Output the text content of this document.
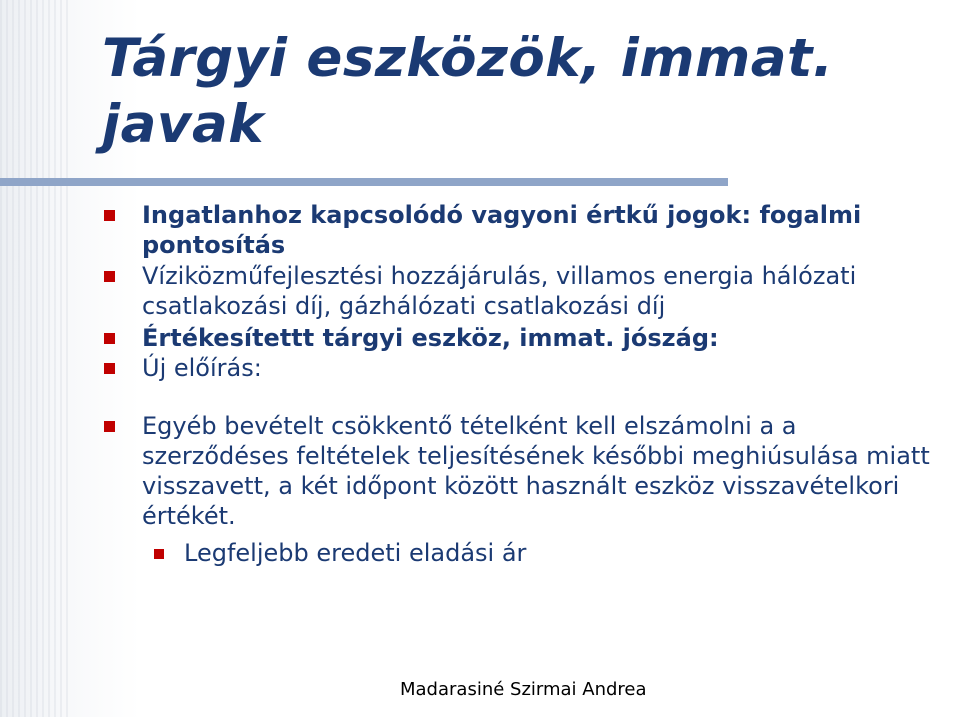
Tárgyi eszközök, immat. javak
Ingatlanhoz kapcsolódó vagyoni értkű jogok: fogalmi pontosítás
Víziközműfejlesztési hozzájárulás, villamos energia hálózati csatlakozási díj, gázhálózati csatlakozási díj
Értékesítettt tárgyi eszköz, immat. jószág:
Új előírás:
Egyéb bevételt csökkentő tételként kell elszámolni a a szerződéses feltételek teljesítésének későbbi meghiúsulása miatt visszavett, a két időpont között használt eszköz visszavételkori értékét.
Legfeljebb eredeti eladási ár
Madarasiné Szirmai Andrea
